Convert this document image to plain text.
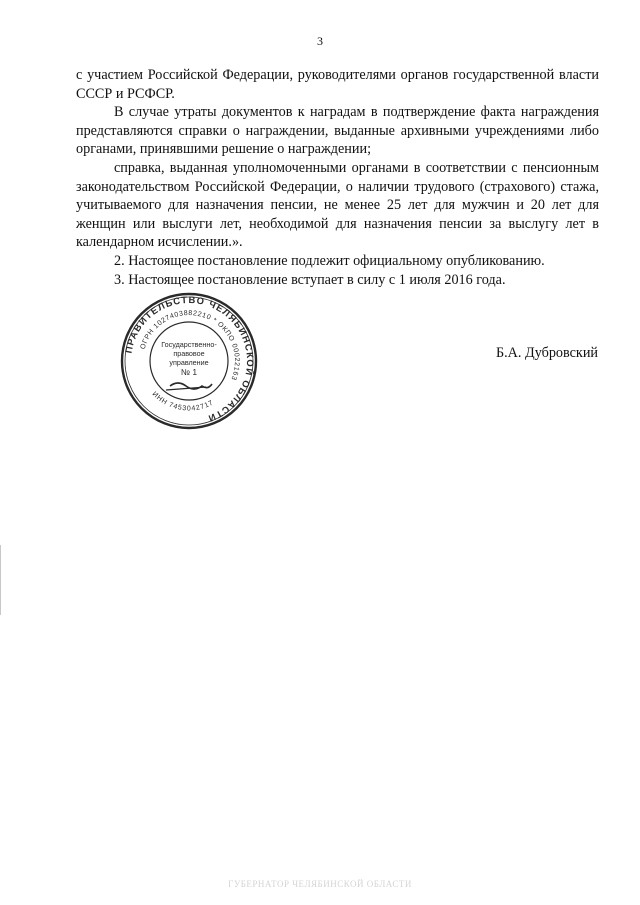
3

с участием Российской Федерации, руководителями органов государственной власти СССР и РСФСР.

В случае утраты документов к наградам в подтверждение факта награждения представляются справки о награждении, выданные архивными учреждениями либо органами, принявшими решение о награждении;

справка, выданная уполномоченными органами в соответствии с пенсионным законодательством Российской Федерации, о наличии трудового (страхового) стажа, учитываемого для назначения пенсии, не менее 25 лет для мужчин и 20 лет для женщин или выслуги лет, необходимой для назначения пенсии за выслугу лет в календарном исчислении.».

2. Настоящее постановление подлежит официальному опубликованию.

3. Настоящее постановление вступает в силу с 1 июля 2016 года.

ПРАВИТЕЛЬСТВО ЧЕЛЯБИНСКОЙ ОБЛАСТИ
ОГРН 1027403882210 * ОКПО 00022163
ИНН 7453042717
Государственно-
правовое
управление
№ 1
Б.А. Дубровский
ГУБЕРНАТОР ЧЕЛЯБИНСКОЙ ОБЛАСТИ
